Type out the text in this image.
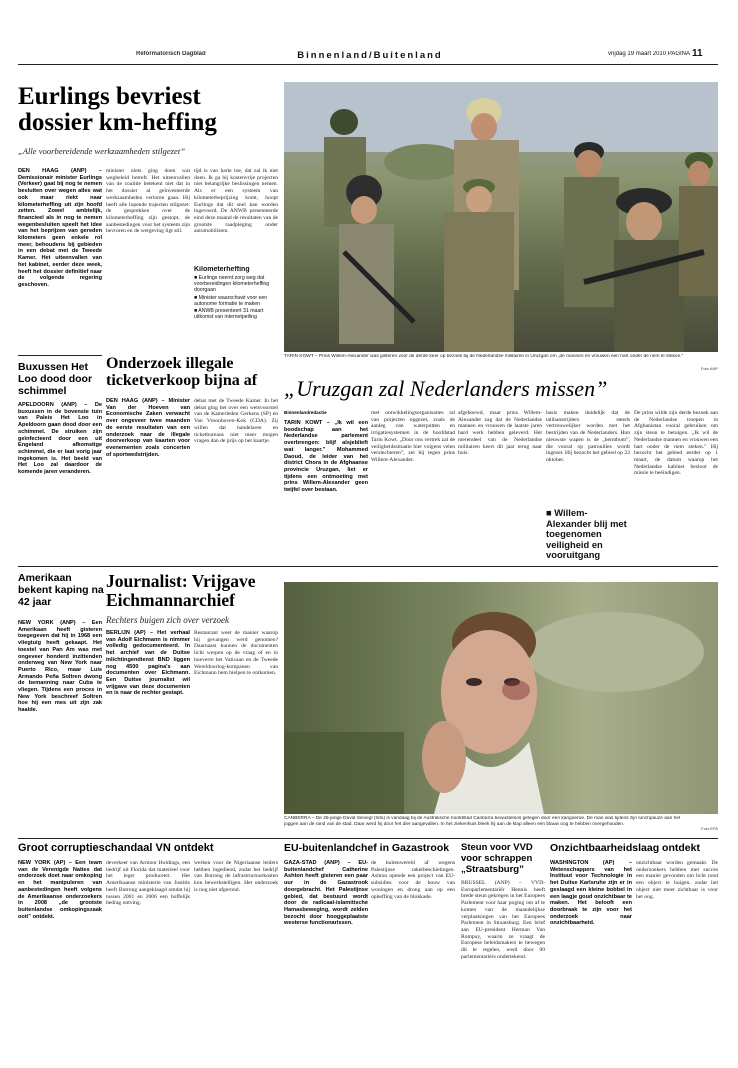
Reformatorisch Dagblad	Binnenland/Buitenland	vrijdag 19 maart 2010 PAGINA 11
Eurlings bevriest dossier km-heffing
„Alle voorbereidende werkzaamheden stilgezet”

DEN HAAG (ANP) – Demissionair minister Eurlings (Verkeer) gaat bij nog te nemen besluiten over wegen alles wat ook maar riekt naar kilometerheffing uit zijn hoofd zetten. Zowel ambtelijk, financieel als in nog te nemen wegenbesluiten speelt het idee van het beprijzen van gereden kilometers geen enkele rol meer, behoudens bij gebieden in een debat met de Tweede Kamer. Het uiteenvallen van het kabinet, eerder deze week, heeft het dossier definitief naar de volgende regering geschoven.

minister niets ging doen wat wegbeleid betreft. Het uiteenvallen van de coalitie betekent niet dat in het dossier al geïnvesteerde werkzaamheden verloren gaan. Hij heeft alle lopende trajecten stilgezet: de gesprekken over de kilometerheffing zijn gestopt, de aanbestedingen voor het systeem zijn bevroren en de wetgeving ligt stil.

tijd is van harte toe, dat zal ik niet doen. Ik ga bij kostenvrije projecten niet belangrijke beslissingen nemen. Als er een systeem van kilometerbeprijzing komt, hoopt Eurlings dat dit snel kan worden ingevoerd. De ANWB presenteerde eind deze maand de resultaten van de grootste raadpleging onder automobilisten.

Kilometerheffing
■ Eurlings neemt zorg weg dat voorbereidingen kilometerheffing doorgaan
■ Minister waarschuwt voor een autonome formatie te maken
■ ANWB presenteert 31 maart uitkomst van internetpeiling
TARIN KOWT – Prins Willem-Alexander was gisteren voor de derde keer op bezoek bij de Nederlandse militairen in Uruzgan om „de mannen en vrouwen een hart onder de riem te steken.”
Foto ANP
Buxussen Het Loo dood door schimmel

APELDOORN (ANP) – De buxussen in de bovenste tuin van Paleis Het Loo in Apeldoorn gaan dood door een schimmel. De struiken zijn geïnfecteerd door een uit Engeland afkomstige schimmel, die er laat vorig jaar ingekomen is. Het beeld van Het Loo zal daardoor de komende jaren veranderen.

Onderzoek illegale ticketverkoop bijna af

DEN HAAG (ANP) – Minister Van der Hoeven van Economische Zaken verwacht over ongeveer twee maanden de eerste resultaten van een onderzoek naar de illegale doorverkoop van kaarten voor evenementen zoals concerten of sportwedstrijden.

debat met de Tweede Kamer. In het debat ging het over een wetsvoorstel van de Kamerleden Gerkens (SP) en Van Vroonhoven-Kok (CDA). Zij willen dat handelaren en ticketbureaus niet meer mogen vragen dan de prijs op het kaartje.

„Uruzgan zal Nederlanders missen”
Binnenlandredactie

TARIN KOWT – „Ik wil een boodschap aan het Nederlandse parlement overbrengen: blijf alsjeblieft wat langer.” Mohammed Daoud, de leider van het district Chora in de Afghaanse provincie Uruzgan, liet er tijdens een ontmoeting met prins Willem-Alexander geen twijfel over bestaan.

met ontwikkelingsorganisaties tal van projecten opgezet, zoals de aanleg van waterputten en irrigatiesystemen in de hoofdstad Tarin Kowt. „Door ons vertrek zal de veiligheidssituatie hier volgens velen verslechteren”, zei hij tegen prins Willem-Alexander.

afgeboewd, maar prins Willem-Alexander zag dat de Nederlandse mannen en vrouwen de laatste jaren hard werk hebben geleverd. Het merendeel van de Nederlandse militairen keert dit jaar terug naar huis.

basis maken duidelijk dat de talibanstrijders steeds vertrouwelijker worden met het bestrijden van de Nederlanders. Hun nieuwste wapen is de „bermbom”, die vooral op patrouilles wordt ingezet. Hij bezocht het gebied op 22 oktober.

■ Willem-Alexander blij met toegenomen veiligheid en vooruitgang

De prins wilde zijn derde bezoek aan de Nederlandse troepen in Afghanistan vooral gebruiken om zijn steun te betuigen. „Ik wil de Nederlandse mannen en vrouwen een hart onder de riem steken.” Hij bezocht het gebied eerder op 1 maart, de datum waarop het Nederlandse kabinet besloot de missie te beëindigen.

Amerikaan bekent kaping na 42 jaar

NEW YORK (ANP) – Een Amerikaan heeft gisteren toegegeven dat hij in 1968 een vliegtuig heeft gekaapt. Het toestel van Pan Am was met ongeveer honderd inzittenden onderweg van New York naar Puerto Rico, maar Luis Armando Peña Soltren dwong de bemanning naar Cuba te vliegen. Tijdens een proces in New York beschreef Soltren hoe hij een mes uit zijn zak haalde.

Journalist: Vrijgave Eichmannarchief
Rechters buigen zich over verzoek

BERLIJN (AP) – Het verhaal van Adolf Eichmann is nimmer volledig gedocumenteerd. In het archief van de Duitse inlichtingendienst BND liggen nog 4500 pagina's aan documenten over Eichmann. Een Duitse journalist wil vrijgave van deze documenten en is naar de rechter gestapt.

Restaurant weet de manier waarop hij gevangen werd genomen? Daarnaast kunnen de documenten licht werpen op de vraag of en in hoeverre het Vaticaan en de Tweede Wereldoorlog-kompanen van Eichmann hem hielpen te ontkomen.

CANBERRA – De 25-jarige David Sievegl (foto) is vandaag bij de Australische hoofdstad Canberra bewusteloos gelegen door een kangoeroe. De man was tijdens zijn lunchpauze aan het joggen aan de rand van de stad. Daar werd hij door het dier aangevallen. In het ziekenhuis bleek hij aan de klap alleen een blauw oog te hebben overgehouden.
Foto EPA
Groot corruptieschandaal VN ontdekt

NEW YORK (AP) – Een team van de Verenigde Naties dat onderzoek doet naar omkoping en het manipuleren van aanbestedingen heeft volgens de Amerikaanse onderzoekers in 2008 „de grootste buitenlandse omkopingszaak ooit” ontdekt.

deverkeer van Armoor Holdings, een bedrijf uit Florida dat materieel voor het leger produceert. Het Amerikaanse ministerie van Justitie heeft Butrong aangeklaagd omdat hij tussen 2001 en 2006 een hoffelijk bedrag ontving.

werken voor de Nigeriaanse leiders hebben ingediend, zodat het bedrijf van Butrong de infrastructuurkosten kon bewerkstelligen. Het onderzoek is nog niet afgerond.

EU-buitenlandchef in Gazastrook

GAZA-STAD (ANP) – EU-buitenlandchef Catherine Ashton heeft gisteren een paar uur in de Gazastrook doorgebracht. Het Palestijnse gebied, dat bestuurd wordt door de radicaal-islamitische Hamasbeweging, wordt zelden bezocht door hooggeplaatste westerse functionarissen.

de buitenwereld af wegens Palestijnse raketbeschietingen. Ashton opende een project van EU-subsidies voor de bouw van woningen en drong aan op een opheffing van de blokkade.

Steun voor VVD voor schrappen „Straatsburg”

BRUSSEL (ANP) – VVD-Europarlementariër Hennis heeft brede steun gekregen in het Europees Parlement voor haar poging om af te komen van de maandelijkse verplaatsingen van het Europees Parlement in Straatsburg. Een brief aan EU-president Herman Van Rompuy, waarin ze vraagt de Europese beleidsmakers te bewegen dit te regelen, werd door 90 parlementariërs ondertekend.

Onzichtbaarheidslaag ontdekt

WASHINGTON (AP) – Wetenschappers van het Instituut voor Technologie in het Duitse Karlsruhe zijn er in geslaagd een kleine bobbel in een laagje goud onzichtbaar te maken. Het belooft een doorbraak te zijn voor het onderzoek naar onzichtbaarheid.

onzichtbaar worden gemaakt. De onderzoekers hebben met succes een manier gevonden om licht rond een object te buigen, zodat het object niet meer zichtbaar is voor het oog.
